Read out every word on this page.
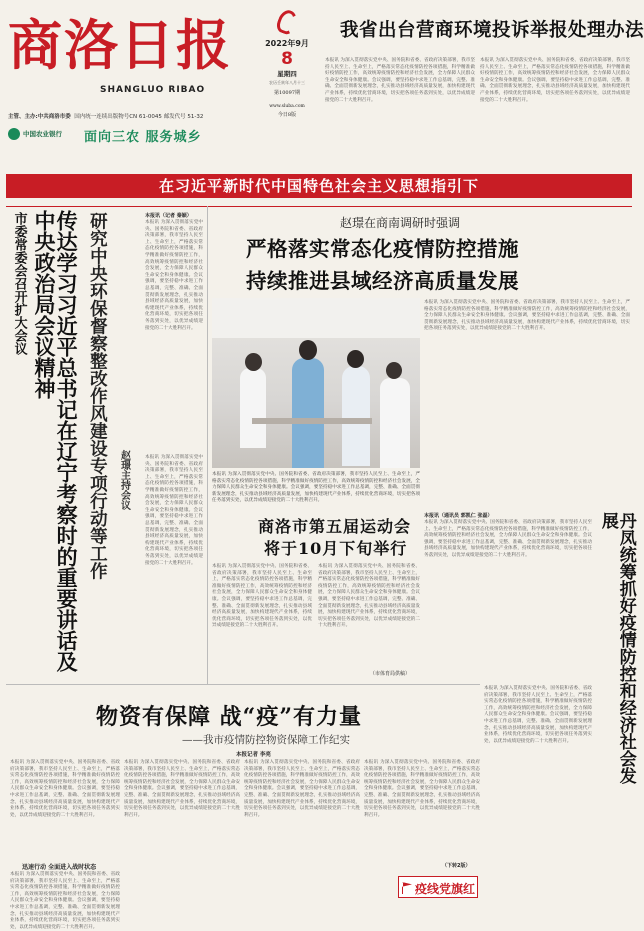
商洛日报
SHANGLUO RIBAO
主管、主办:中共商洛市委 国内统一连续出版物号CN 61-0045 邮发代号 51-32
中国农业银行 面向三农 服务城乡
2022年9月
8
星期四
农历壬寅年八月十三
第10097期
www.sluba.com
今日8版
我省出台营商环境投诉举报处理办法
本报讯 为深入贯彻落实党中央、国务院和省委、省政府决策部署，我市坚持人民至上、生命至上，严格落实常态化疫情防控各项措施，科学精准做好疫情防控工作，高效统筹疫情防控和经济社会发展，全力保障人民群众生命安全和身体健康。会议强调，要坚持稳中求进工作总基调，完整、准确、全面贯彻新发展理念，扎实推动县域经济高质量发展，加快构建现代产业体系，持续优化营商环境，切实把各项任务落到实处，以优异成绩迎接党的二十大胜利召开。
本报讯 为深入贯彻落实党中央、国务院和省委、省政府决策部署，我市坚持人民至上、生命至上，严格落实常态化疫情防控各项措施，科学精准做好疫情防控工作，高效统筹疫情防控和经济社会发展，全力保障人民群众生命安全和身体健康。会议强调，要坚持稳中求进工作总基调，完整、准确、全面贯彻新发展理念，扎实推动县域经济高质量发展，加快构建现代产业体系，持续优化营商环境，切实把各项任务落到实处，以优异成绩迎接党的二十大胜利召开。
在习近平新时代中国特色社会主义思想指引下
市委常委会召开扩大会议	传达学习习近平总书记在辽宁考察时的重要讲话及中央政治局会议精神	研究中央环保督察整改作风建设专项行动等工作 赵璟主持会议
本报讯（记者 秦颖）
本报讯 为深入贯彻落实党中央、国务院和省委、省政府决策部署，我市坚持人民至上、生命至上，严格落实常态化疫情防控各项措施，科学精准做好疫情防控工作，高效统筹疫情防控和经济社会发展，全力保障人民群众生命安全和身体健康。会议强调，要坚持稳中求进工作总基调，完整、准确、全面贯彻新发展理念，扎实推动县域经济高质量发展，加快构建现代产业体系，持续优化营商环境，切实把各项任务落到实处，以优异成绩迎接党的二十大胜利召开。
本报讯 为深入贯彻落实党中央、国务院和省委、省政府决策部署，我市坚持人民至上、生命至上，严格落实常态化疫情防控各项措施，科学精准做好疫情防控工作，高效统筹疫情防控和经济社会发展，全力保障人民群众生命安全和身体健康。会议强调，要坚持稳中求进工作总基调，完整、准确、全面贯彻新发展理念，扎实推动县域经济高质量发展，加快构建现代产业体系，持续优化营商环境，切实把各项任务落到实处，以优异成绩迎接党的二十大胜利召开。
赵璟在商南调研时强调
严格落实常态化疫情防控措施
持续推进县域经济高质量发展
本报讯 为深入贯彻落实党中央、国务院和省委、省政府决策部署，我市坚持人民至上、生命至上，严格落实常态化疫情防控各项措施，科学精准做好疫情防控工作，高效统筹疫情防控和经济社会发展，全力保障人民群众生命安全和身体健康。会议强调，要坚持稳中求进工作总基调，完整、准确、全面贯彻新发展理念，扎实推动县域经济高质量发展，加快构建现代产业体系，持续优化营商环境，切实把各项任务落到实处，以优异成绩迎接党的二十大胜利召开。
本报讯 为深入贯彻落实党中央、国务院和省委、省政府决策部署，我市坚持人民至上、生命至上，严格落实常态化疫情防控各项措施，科学精准做好疫情防控工作，高效统筹疫情防控和经济社会发展，全力保障人民群众生命安全和身体健康。会议强调，要坚持稳中求进工作总基调，完整、准确、全面贯彻新发展理念，扎实推动县域经济高质量发展，加快构建现代产业体系，持续优化营商环境，切实把各项任务落到实处，以优异成绩迎接党的二十大胜利召开。
商洛市第五届运动会
将于10月下旬举行
本报讯 为深入贯彻落实党中央、国务院和省委、省政府决策部署，我市坚持人民至上、生命至上，严格落实常态化疫情防控各项措施，科学精准做好疫情防控工作，高效统筹疫情防控和经济社会发展，全力保障人民群众生命安全和身体健康。会议强调，要坚持稳中求进工作总基调，完整、准确、全面贯彻新发展理念，扎实推动县域经济高质量发展，加快构建现代产业体系，持续优化营商环境，切实把各项任务落到实处，以优异成绩迎接党的二十大胜利召开。
本报讯 为深入贯彻落实党中央、国务院和省委、省政府决策部署，我市坚持人民至上、生命至上，严格落实常态化疫情防控各项措施，科学精准做好疫情防控工作，高效统筹疫情防控和经济社会发展，全力保障人民群众生命安全和身体健康。会议强调，要坚持稳中求进工作总基调，完整、准确、全面贯彻新发展理念，扎实推动县域经济高质量发展，加快构建现代产业体系，持续优化营商环境，切实把各项任务落到实处，以优异成绩迎接党的二十大胜利召开。
（市体育局供稿）
本报讯（通讯员 郭凯仁 张磊）
本报讯 为深入贯彻落实党中央、国务院和省委、省政府决策部署，我市坚持人民至上、生命至上，严格落实常态化疫情防控各项措施，科学精准做好疫情防控工作，高效统筹疫情防控和经济社会发展，全力保障人民群众生命安全和身体健康。会议强调，要坚持稳中求进工作总基调，完整、准确、全面贯彻新发展理念，扎实推动县域经济高质量发展，加快构建现代产业体系，持续优化营商环境，切实把各项任务落到实处，以优异成绩迎接党的二十大胜利召开。	丹凤统筹抓好疫情防控和经济社会发展
本报讯 为深入贯彻落实党中央、国务院和省委、省政府决策部署，我市坚持人民至上、生命至上，严格落实常态化疫情防控各项措施，科学精准做好疫情防控工作，高效统筹疫情防控和经济社会发展，全力保障人民群众生命安全和身体健康。会议强调，要坚持稳中求进工作总基调，完整、准确、全面贯彻新发展理念，扎实推动县域经济高质量发展，加快构建现代产业体系，持续优化营商环境，切实把各项任务落到实处，以优异成绩迎接党的二十大胜利召开。
物资有保障 战“疫”有力量
——我市疫情防控物资保障工作纪实
本报记者 李亮
本报讯 为深入贯彻落实党中央、国务院和省委、省政府决策部署，我市坚持人民至上、生命至上，严格落实常态化疫情防控各项措施，科学精准做好疫情防控工作，高效统筹疫情防控和经济社会发展，全力保障人民群众生命安全和身体健康。会议强调，要坚持稳中求进工作总基调，完整、准确、全面贯彻新发展理念，扎实推动县域经济高质量发展，加快构建现代产业体系，持续优化营商环境，切实把各项任务落到实处，以优异成绩迎接党的二十大胜利召开。
迅速行动 全面进入战时状态
本报讯 为深入贯彻落实党中央、国务院和省委、省政府决策部署，我市坚持人民至上、生命至上，严格落实常态化疫情防控各项措施，科学精准做好疫情防控工作，高效统筹疫情防控和经济社会发展，全力保障人民群众生命安全和身体健康。会议强调，要坚持稳中求进工作总基调，完整、准确、全面贯彻新发展理念，扎实推动县域经济高质量发展，加快构建现代产业体系，持续优化营商环境，切实把各项任务落到实处，以优异成绩迎接党的二十大胜利召开。
本报讯 为深入贯彻落实党中央、国务院和省委、省政府决策部署，我市坚持人民至上、生命至上，严格落实常态化疫情防控各项措施，科学精准做好疫情防控工作，高效统筹疫情防控和经济社会发展，全力保障人民群众生命安全和身体健康。会议强调，要坚持稳中求进工作总基调，完整、准确、全面贯彻新发展理念，扎实推动县域经济高质量发展，加快构建现代产业体系，持续优化营商环境，切实把各项任务落到实处，以优异成绩迎接党的二十大胜利召开。
本报讯 为深入贯彻落实党中央、国务院和省委、省政府决策部署，我市坚持人民至上、生命至上，严格落实常态化疫情防控各项措施，科学精准做好疫情防控工作，高效统筹疫情防控和经济社会发展，全力保障人民群众生命安全和身体健康。会议强调，要坚持稳中求进工作总基调，完整、准确、全面贯彻新发展理念，扎实推动县域经济高质量发展，加快构建现代产业体系，持续优化营商环境，切实把各项任务落到实处，以优异成绩迎接党的二十大胜利召开。
本报讯 为深入贯彻落实党中央、国务院和省委、省政府决策部署，我市坚持人民至上、生命至上，严格落实常态化疫情防控各项措施，科学精准做好疫情防控工作，高效统筹疫情防控和经济社会发展，全力保障人民群众生命安全和身体健康。会议强调，要坚持稳中求进工作总基调，完整、准确、全面贯彻新发展理念，扎实推动县域经济高质量发展，加快构建现代产业体系，持续优化营商环境，切实把各项任务落到实处，以优异成绩迎接党的二十大胜利召开。
（下转2版）
疫线党旗红
